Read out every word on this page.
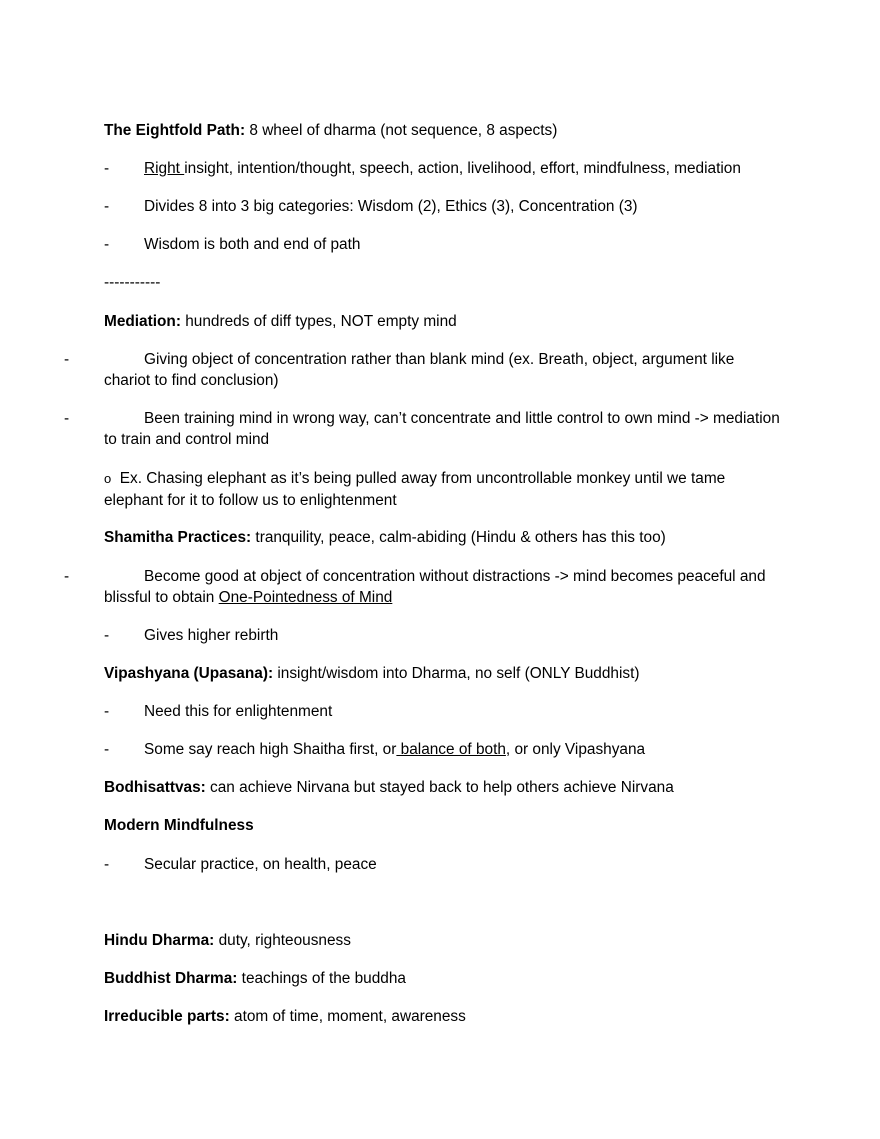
The Eightfold Path: 8 wheel of dharma (not sequence, 8 aspects)
- Right insight, intention/thought, speech, action, livelihood, effort, mindfulness, mediation
- Divides 8 into 3 big categories: Wisdom (2), Ethics (3), Concentration (3)
- Wisdom is both and end of path
-----------
Mediation: hundreds of diff types, NOT empty mind
-	Giving object of concentration rather than blank mind (ex. Breath, object, argument like chariot to find conclusion)
-	Been training mind in wrong way, can’t concentrate and little control to own mind -> mediation to train and control mind
o Ex. Chasing elephant as it’s being pulled away from uncontrollable monkey until we tame elephant for it to follow us to enlightenment
Shamitha Practices: tranquility, peace, calm-abiding (Hindu & others has this too)
-	Become good at object of concentration without distractions -> mind becomes peaceful and blissful to obtain One-Pointedness of Mind
- Gives higher rebirth
Vipashyana (Upasana): insight/wisdom into Dharma, no self (ONLY Buddhist)
- Need this for enlightenment
- Some say reach high Shaitha first, or balance of both, or only Vipashyana
Bodhisattvas: can achieve Nirvana but stayed back to help others achieve Nirvana
Modern Mindfulness
- Secular practice, on health, peace
Hindu Dharma: duty, righteousness
Buddhist Dharma: teachings of the buddha
Irreducible parts: atom of time, moment, awareness
